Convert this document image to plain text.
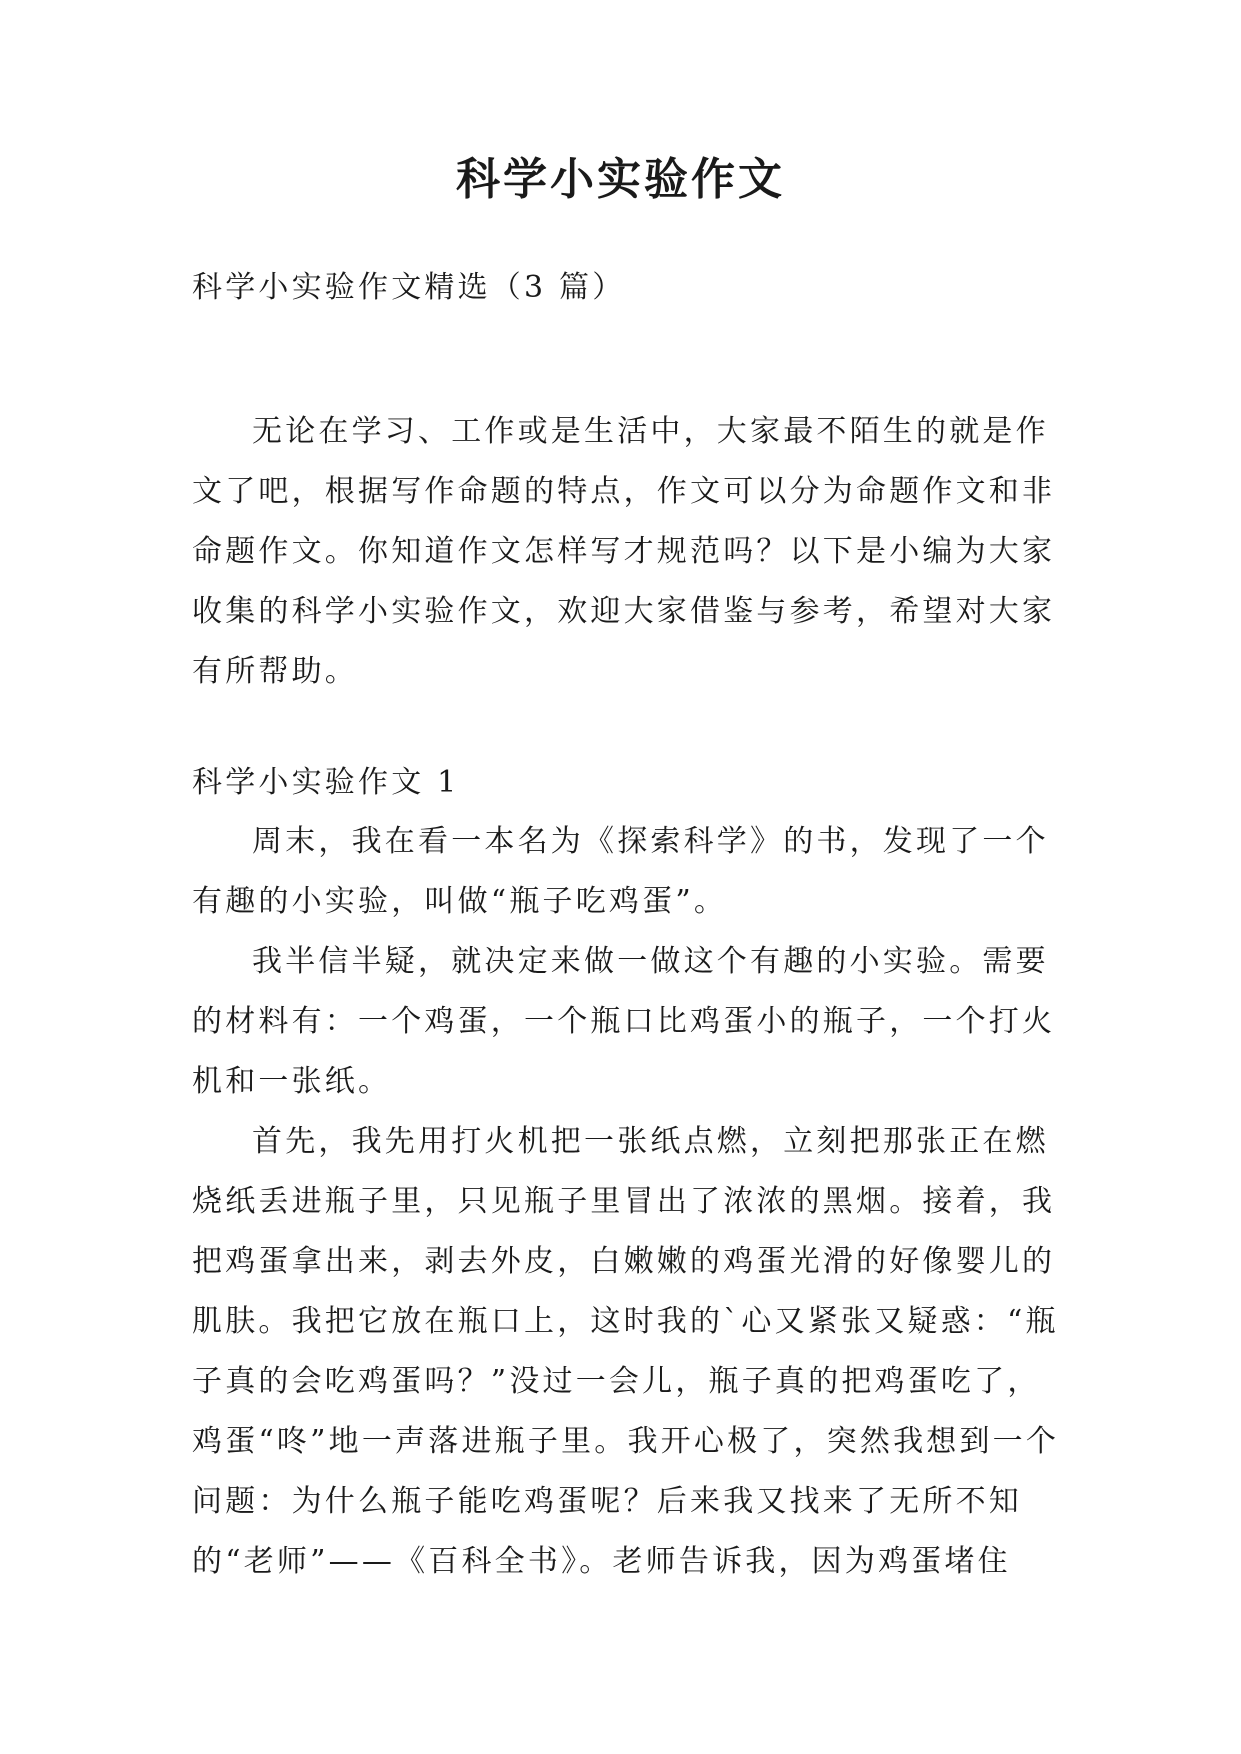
科学小实验作文

科学小实验作文精选（3 篇）

无论在学习、工作或是生活中，大家最不陌生的就是作文了吧，根据写作命题的特点，作文可以分为命题作文和非命题作文。你知道作文怎样写才规范吗？以下是小编为大家收集的科学小实验作文，欢迎大家借鉴与参考，希望对大家有所帮助。

科学小实验作文 1

周末，我在看一本名为《探索科学》的书，发现了一个有趣的小实验，叫做“瓶子吃鸡蛋”。

我半信半疑，就决定来做一做这个有趣的小实验。需要的材料有：一个鸡蛋，一个瓶口比鸡蛋小的瓶子，一个打火机和一张纸。

首先，我先用打火机把一张纸点燃，立刻把那张正在燃烧纸丢进瓶子里，只见瓶子里冒出了浓浓的黑烟。接着，我把鸡蛋拿出来，剥去外皮，白嫩嫩的鸡蛋光滑的好像婴儿的肌肤。我把它放在瓶口上，这时我的`心又紧张又疑惑：“瓶子真的会吃鸡蛋吗？”没过一会儿，瓶子真的把鸡蛋吃了，鸡蛋“咚”地一声落进瓶子里。我开心极了，突然我想到一个问题：为什么瓶子能吃鸡蛋呢？后来我又找来了无所不知的“老师”——《百科全书》。老师告诉我，因为鸡蛋堵住
